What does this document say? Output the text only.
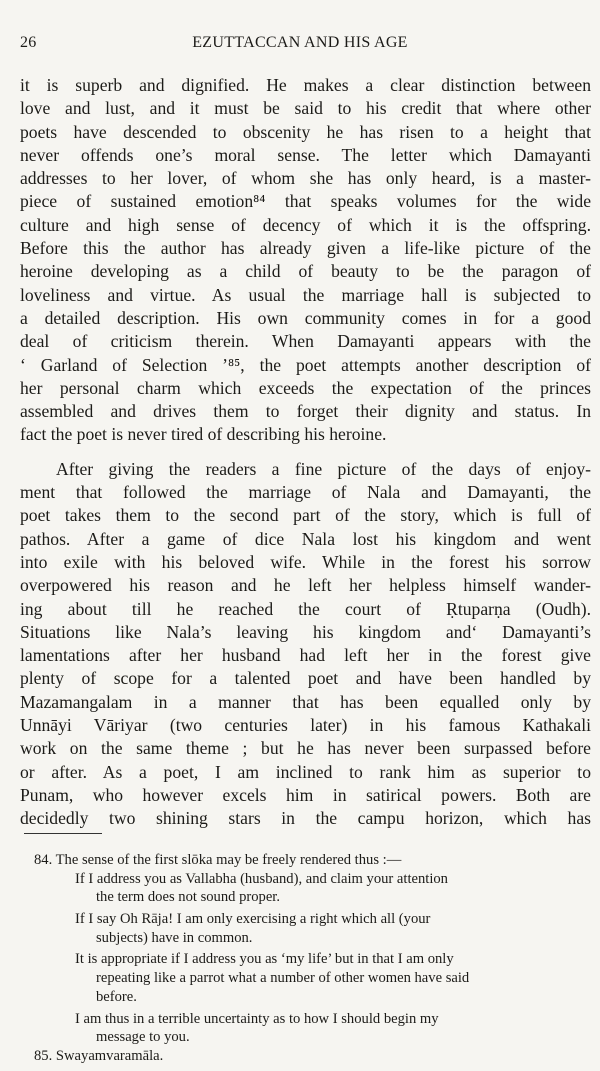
26	EZUTTACCAN AND HIS AGE
it is superb and dignified. He makes a clear distinction between
love and lust, and it must be said to his credit that where other
poets have descended to obscenity he has risen to a height that
never offends one’s moral sense. The letter which Damayanti
addresses to her lover, of whom she has only heard, is a master-
piece of sustained emotion⁸⁴ that speaks volumes for the wide
culture and high sense of decency of which it is the offspring.
Before this the author has already given a life-like picture of the
heroine developing as a child of beauty to be the paragon of
loveliness and virtue. As usual the marriage hall is subjected to
a detailed description. His own community comes in for a good
deal of criticism therein. When Damayanti appears with the
‘ Garland of Selection ’⁸⁵, the poet attempts another description of
her personal charm which exceeds the expectation of the princes
assembled and drives them to forget their dignity and status. In
fact the poet is never tired of describing his heroine.
After giving the readers a fine picture of the days of enjoy-
ment that followed the marriage of Nala and Damayanti, the
poet takes them to the second part of the story, which is full of
pathos. After a game of dice Nala lost his kingdom and went
into exile with his beloved wife. While in the forest his sorrow
overpowered his reason and he left her helpless himself wander-
ing about till he reached the court of Ṛtuparṇa (Oudh).
Situations like Nala’s leaving his kingdom and‘ Damayanti’s
lamentations after her husband had left her in the forest give
plenty of scope for a talented poet and have been handled by
Mazamangalam in a manner that has been equalled only by
Unnāyi Vāriyar (two centuries later) in his famous Kathakali
work on the same theme ; but he has never been surpassed before
or after. As a poet, I am inclined to rank him as superior to
Punam, who however excels him in satirical powers. Both are
decidedly two shining stars in the campu horizon, which has
84. The sense of the first slōka may be freely rendered thus :—
If I address you as Vallabha (husband), and claim your attention
the term does not sound proper.
If I say Oh Rāja! I am only exercising a right which all (your
subjects) have in common.
It is appropriate if I address you as ‘my life’ but in that I am only
repeating like a parrot what a number of other women have said
before.
I am thus in a terrible uncertainty as to how I should begin my
message to you.
85. Swayamvaramāla.
